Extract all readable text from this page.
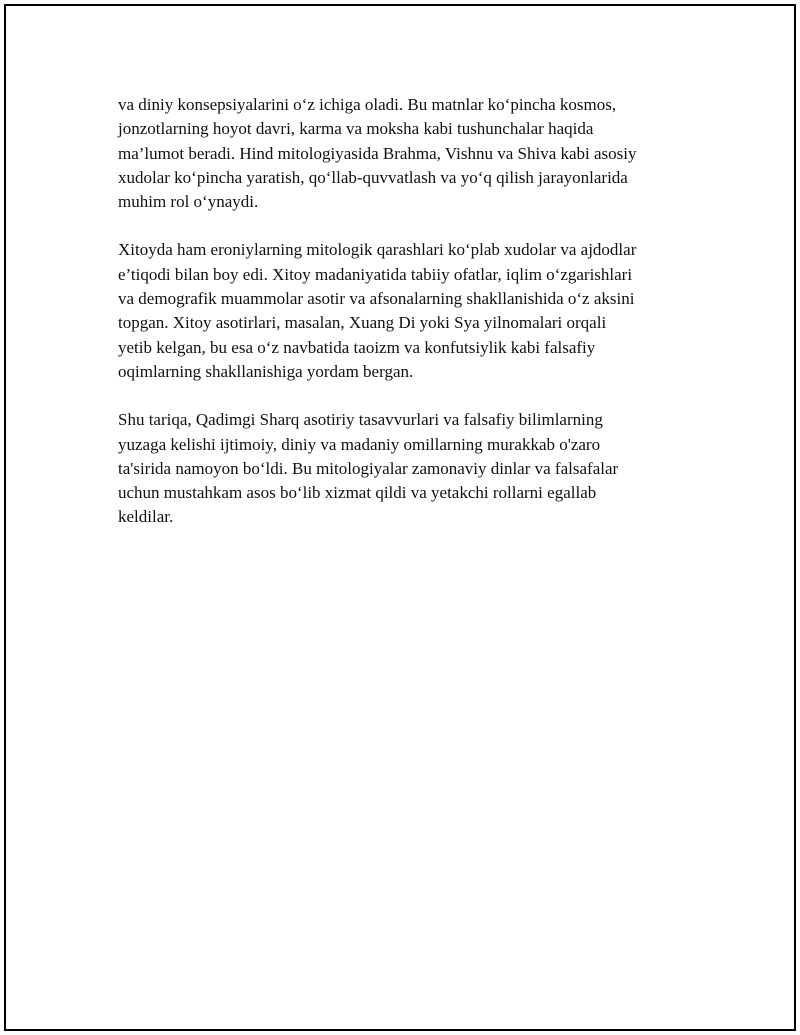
va diniy konsepsiyalarini o‘z ichiga oladi. Bu matnlar ko‘pincha kosmos,
jonzotlarning hoyot davri, karma va moksha kabi tushunchalar haqida
ma’lumot beradi. Hind mitologiyasida Brahma, Vishnu va Shiva kabi asosiy
xudolar ko‘pincha yaratish, qo‘llab-quvvatlash va yo‘q qilish jarayonlarida
muhim rol o‘ynaydi.

Xitoyda ham eroniylarning mitologik qarashlari ko‘plab xudolar va ajdodlar
e’tiqodi bilan boy edi. Xitoy madaniyatida tabiiy ofatlar, iqlim o‘zgarishlari
va demografik muammolar asotir va afsonalarning shakllanishida o‘z aksini
topgan. Xitoy asotirlari, masalan, Xuang Di yoki Sya yilnomalari orqali
yetib kelgan, bu esa o‘z navbatida taoizm va konfutsiylik kabi falsafiy
oqimlarning shakllanishiga yordam bergan.

Shu tariqa, Qadimgi Sharq asotiriy tasavvurlari va falsafiy bilimlarning
yuzaga kelishi ijtimoiy, diniy va madaniy omillarning murakkab o'zaro
ta'sirida namoyon bo‘ldi. Bu mitologiyalar zamonaviy dinlar va falsafalar
uchun mustahkam asos bo‘lib xizmat qildi va yetakchi rollarni egallab
keldilar.
